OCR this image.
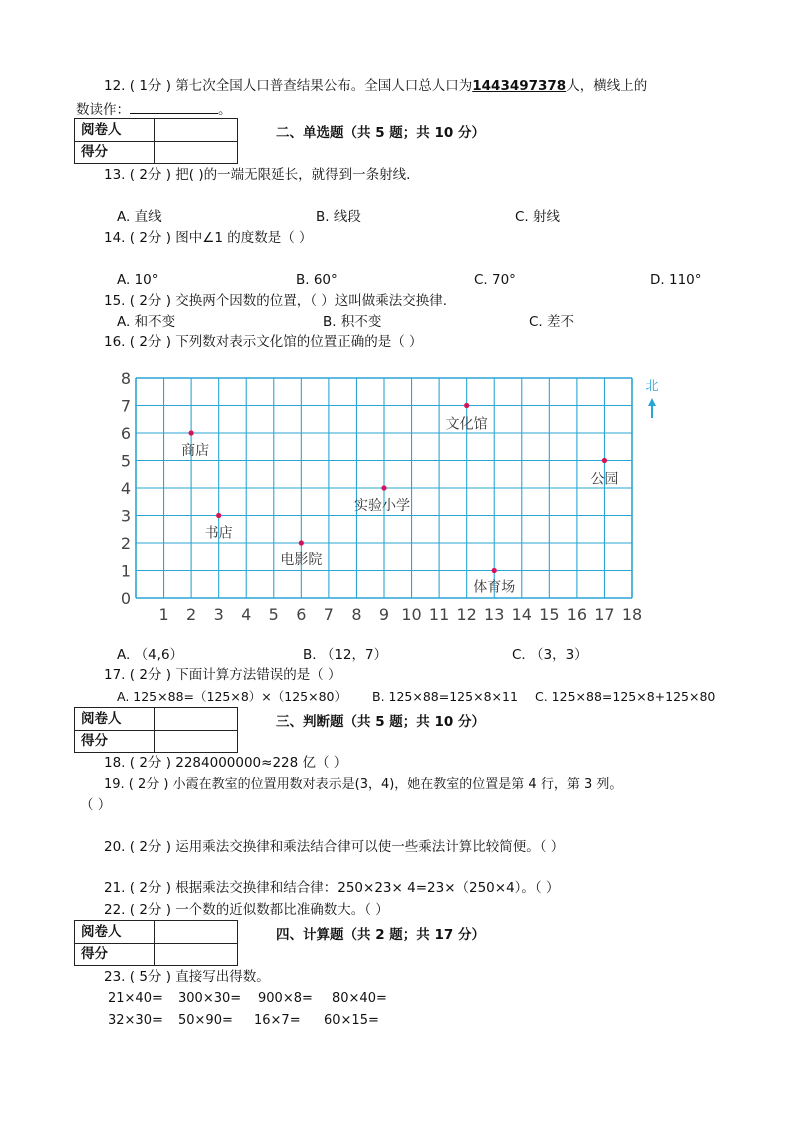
12. ( 1分 ) 第七次全国人口普查结果公布。全国人口总人口为1443497378人，横线上的
数读作：	。
阅卷人
得分
二、单选题（共 5 题；共 10 分）
13. ( 2分 ) 把( )的一端无限延长，就得到一条射线.
A. 直线	B. 线段	C. 射线
14. ( 2分 ) 图中∠1 的度数是（ ）
A. 10°	B. 60°	C. 70°	D. 110°
15. ( 2分 ) 交换两个因数的位置，（ ）这叫做乘法交换律.
A. 和不变	B. 积不变	C. 差不
16. ( 2分 ) 下列数对表示文化馆的位置正确的是（ ）
1 2 3 4 5 6 7 8 9 10 11 12 13 14 15 16 17 18
0
1
2
3
4
5
6
7
8
商店
书店
电影院
实验小学
文化馆
体育场
公园
北
A. （4,6）	B. （12，7）	C. （3，3）
17. ( 2分 ) 下面计算方法错误的是（ ）
A. 125×88=（125×8）×（125×80） B. 125×88=125×8×11 C. 125×88=125×8+125×80
阅卷人
得分
三、判断题（共 5 题；共 10 分）
18. ( 2分 ) 2284000000≈228 亿（ ）
19. ( 2分 ) 小霞在教室的位置用数对表示是(3，4)，她在教室的位置是第 4 行，第 3 列。
（ ）
20. ( 2分 ) 运用乘法交换律和乘法结合律可以使一些乘法计算比较简便。（ ）
21. ( 2分 ) 根据乘法交换律和结合律：250×23× 4=23×（250×4）。（ ）
22. ( 2分 ) 一个数的近似数都比准确数大。（ ）
阅卷人
得分
四、计算题（共 2 题；共 17 分）
23. ( 5分 ) 直接写出得数。
21×40= 300×30= 900×8= 80×40=
32×30= 50×90= 16×7= 60×15=
